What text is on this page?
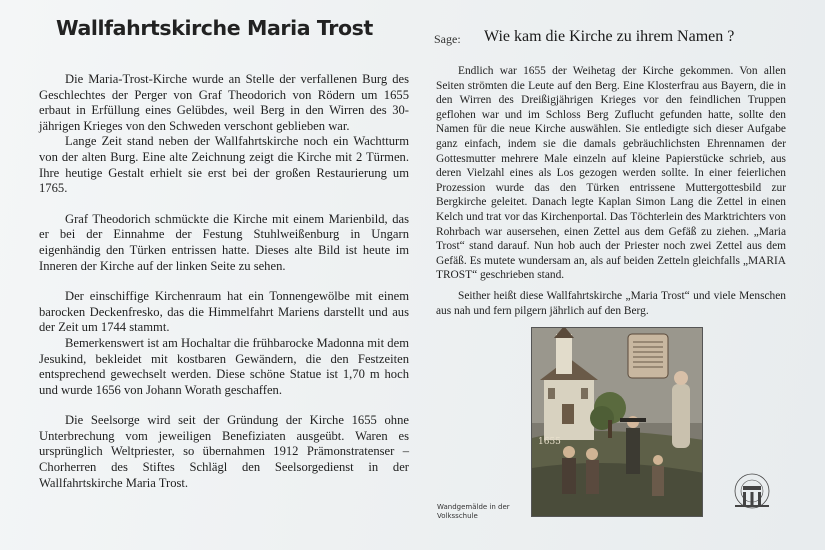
Wallfahrtskirche Maria Trost	Sage: Wie kam die Kirche zu ihrem Namen ?

Die Maria-Trost-Kirche wurde an Stelle der verfallenen Burg des Geschlechtes der Perger von Graf Theodorich von Rödern um 1655 erbaut in Erfüllung eines Gelübdes, weil Berg in den Wirren des 30-jährigen Krieges von den Schweden verschont geblieben war.

Lange Zeit stand neben der Wallfahrtskirche noch ein Wachtturm von der alten Burg. Eine alte Zeichnung zeigt die Kirche mit 2 Türmen. Ihre heutige Gestalt erhielt sie erst bei der großen Restaurierung um 1765.

Graf Theodorich schmückte die Kirche mit einem Marienbild, das er bei der Einnahme der Festung Stuhlweißenburg in Ungarn eigenhändig den Türken entrissen hatte. Dieses alte Bild ist heute im Inneren der Kirche auf der linken Seite zu sehen.

Der einschiffige Kirchenraum hat ein Tonnengewölbe mit einem barocken Deckenfresko, das die Himmelfahrt Mariens darstellt und aus der Zeit um 1744 stammt.

Bemerkenswert ist am Hochaltar die frühbarocke Madonna mit dem Jesukind, bekleidet mit kostbaren Gewändern, die den Festzeiten entsprechend gewechselt werden. Diese schöne Statue ist 1,70 m hoch und wurde 1656 von Johann Worath geschaffen.

Die Seelsorge wird seit der Gründung der Kirche 1655 ohne Unterbrechung vom jeweiligen Benefiziaten ausgeübt. Waren es ursprünglich Weltpriester, so übernahmen 1912 Prämonstratenser – Chorherren des Stiftes Schlägl den Seelsorgedienst in der Wallfahrtskirche Maria Trost.

Endlich war 1655 der Weihetag der Kirche gekommen. Von allen Seiten strömten die Leute auf den Berg. Eine Klosterfrau aus Bayern, die in den Wirren des Dreißigjährigen Krieges vor den feindlichen Truppen geflohen war und im Schloss Berg Zuflucht gefunden hatte, sollte den Namen für die neue Kirche auswählen. Sie entledigte sich dieser Aufgabe ganz einfach, indem sie die damals gebräuchlichsten Ehrennamen der Gottesmutter mehrere Male einzeln auf kleine Papierstücke schrieb, aus deren Vielzahl eines als Los gezogen werden sollte. In einer feierlichen Prozession wurde das den Türken entrissene Muttergottesbild zur Bergkirche geleitet. Danach legte Kaplan Simon Lang die Zettel in einen Kelch und trat vor das Kirchenportal. Das Töchterlein des Marktrichters von Rohrbach war ausersehen, einen Zettel aus dem Gefäß zu ziehen. „Maria Trost“ stand darauf. Nun hob auch der Priester noch zwei Zettel aus dem Gefäß. Es mutete wundersam an, als auf beiden Zetteln gleichfalls „MARIA TROST“ geschrieben stand.

Seither heißt diese Wallfahrtskirche „Maria Trost“ und viele Menschen aus nah und fern pilgern jährlich auf den Berg.

1655
Wandgemälde in der Volksschule
